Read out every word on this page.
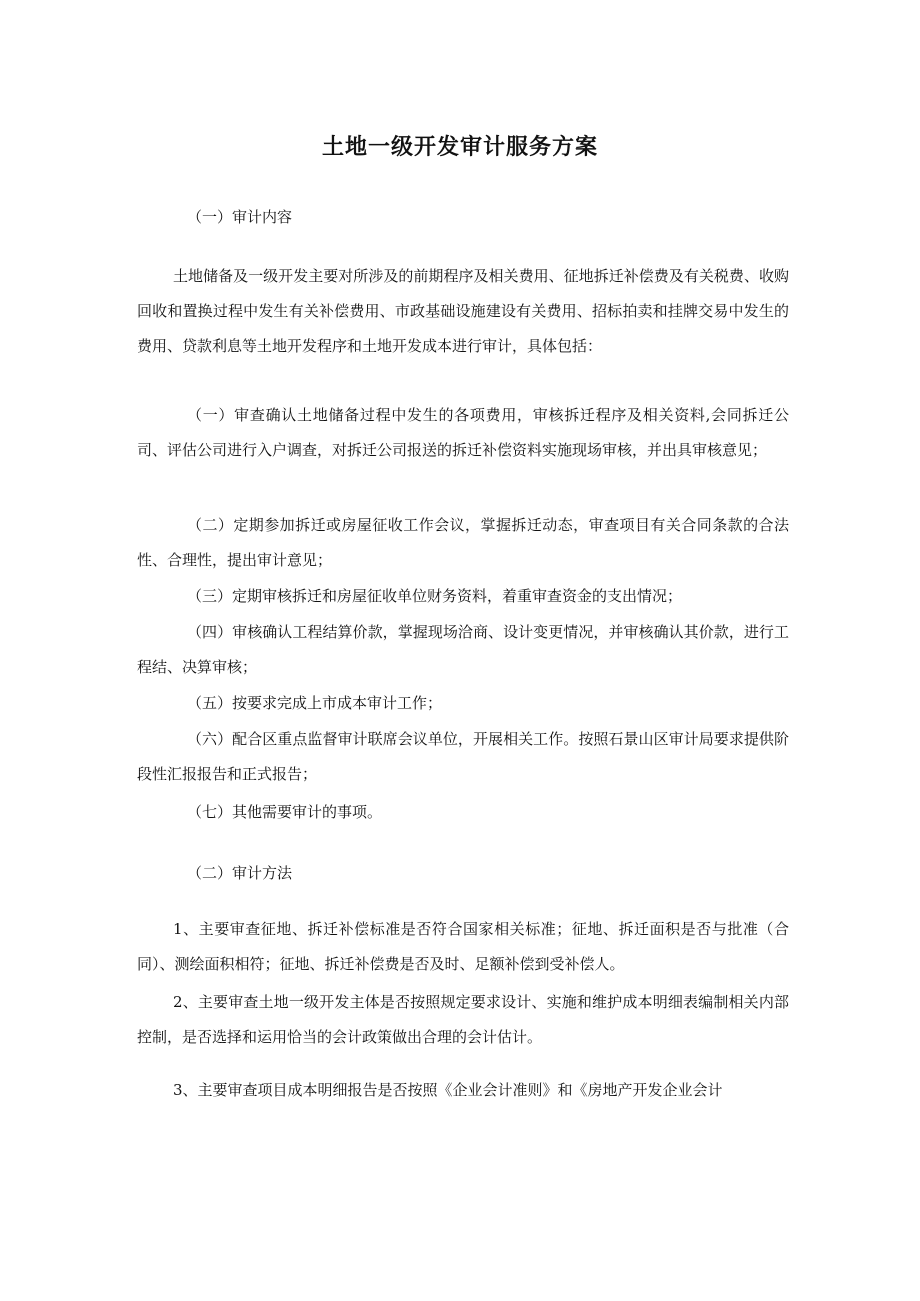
土地一级开发审计服务方案

（一）审计内容

土地储备及一级开发主要对所涉及的前期程序及相关费用、征地拆迁补偿费及有关税费、收购回收和置换过程中发生有关补偿费用、市政基础设施建设有关费用、招标拍卖和挂牌交易中发生的费用、贷款利息等土地开发程序和土地开发成本进行审计，具体包括：

（一）审查确认土地储备过程中发生的各项费用，审核拆迁程序及相关资料,会同拆迁公司、评估公司进行入户调查，对拆迁公司报送的拆迁补偿资料实施现场审核，并出具审核意见；

（二）定期参加拆迁或房屋征收工作会议，掌握拆迁动态，审查项目有关合同条款的合法性、合理性，提出审计意见；

（三）定期审核拆迁和房屋征收单位财务资料，着重审查资金的支出情况；

（四）审核确认工程结算价款，掌握现场洽商、设计变更情况，并审核确认其价款，进行工程结、决算审核；

（五）按要求完成上市成本审计工作；

（六）配合区重点监督审计联席会议单位，开展相关工作。按照石景山区审计局要求提供阶段性汇报报告和正式报告；

（七）其他需要审计的事项。

（二）审计方法

1、主要审查征地、拆迁补偿标准是否符合国家相关标准；征地、拆迁面积是否与批准（合同）、测绘面积相符；征地、拆迁补偿费是否及时、足额补偿到受补偿人。

2、主要审查土地一级开发主体是否按照规定要求设计、实施和维护成本明细表编制相关内部控制，是否选择和运用恰当的会计政策做出合理的会计估计。

3、主要审查项目成本明细报告是否按照《企业会计准则》和《房地产开发企业会计
